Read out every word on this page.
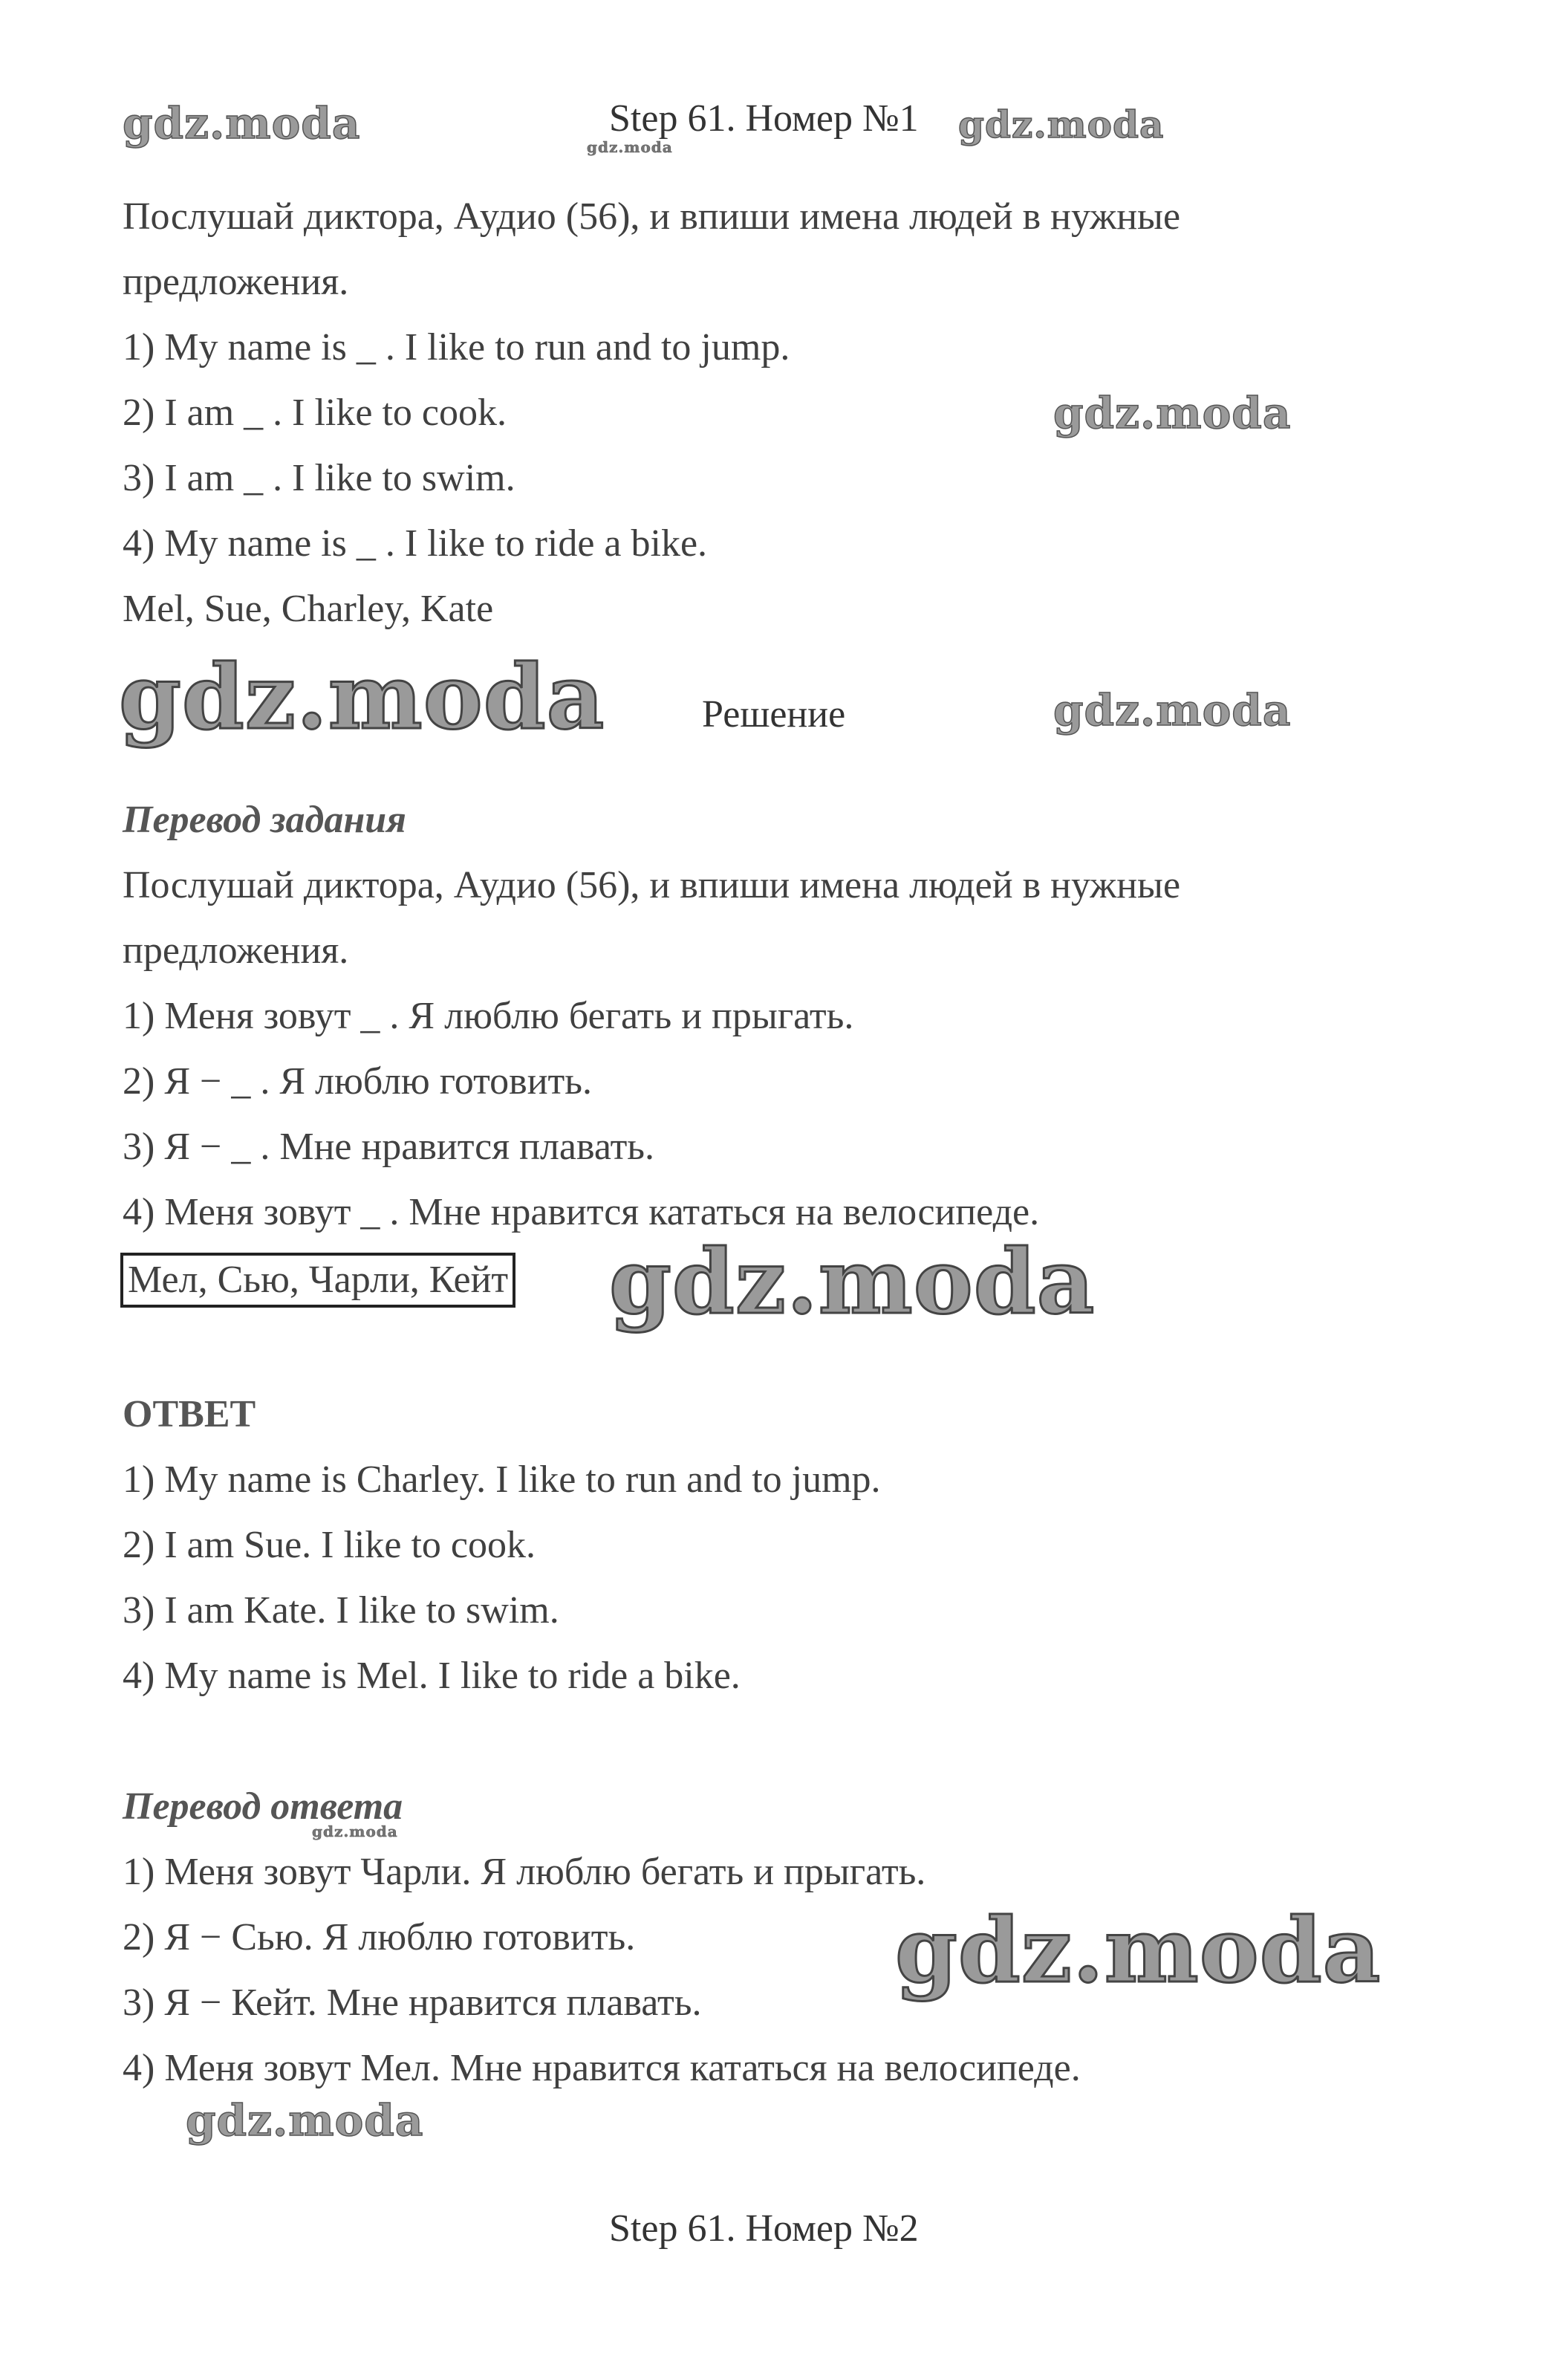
gdz.moda	gdz.moda
gdz.moda
gdz.moda
gdz.moda	gdz.moda
gdz.moda
gdz.moda
gdz.moda
gdz.moda
Step 61. Номер №1
Послушай диктора, Аудио (56), и впиши имена людей в нужные
предложения.
1) My name is _ . I like to run and to jump.
2) I am _ . I like to cook.
3) I am _ . I like to swim.
4) My name is _ . I like to ride a bike.
Mel, Sue, Charley, Kate
Решение
Перевод задания
Послушай диктора, Аудио (56), и впиши имена людей в нужные
предложения.
1) Меня зовут _ . Я люблю бегать и прыгать.
2) Я − _ . Я люблю готовить.
3) Я − _ . Мне нравится плавать.
4) Меня зовут _ . Мне нравится кататься на велосипеде.
Мел, Сью, Чарли, Кейт
ОТВЕТ
1) My name is Charley. I like to run and to jump.
2) I am Sue. I like to cook.
3) I am Kate. I like to swim.
4) My name is Mel. I like to ride a bike.
Перевод ответа
1) Меня зовут Чарли. Я люблю бегать и прыгать.
2) Я − Сью. Я люблю готовить.
3) Я − Кейт. Мне нравится плавать.
4) Меня зовут Мел. Мне нравится кататься на велосипеде.
Step 61. Номер №2
